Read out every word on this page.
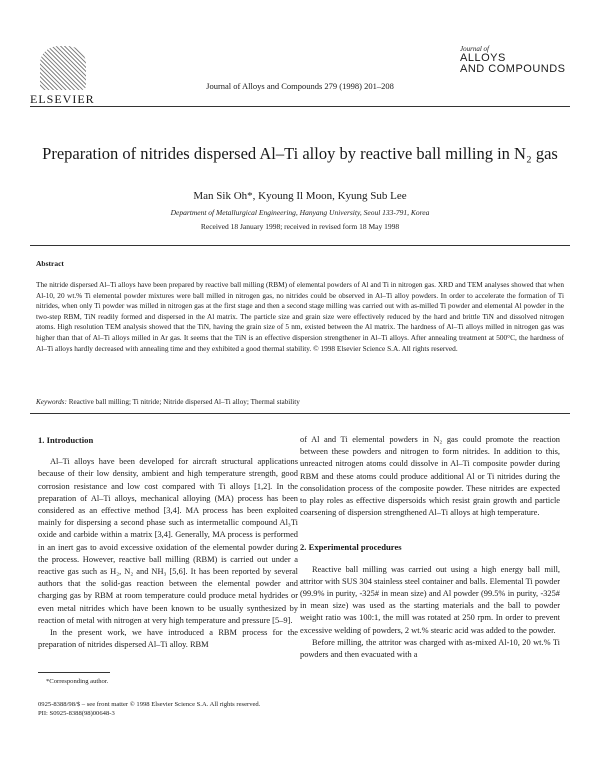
ELSEVIER
Journal of Alloys and Compounds 279 (1998) 201–208
Journal of
ALLOYS
AND COMPOUNDS
Preparation of nitrides dispersed Al–Ti alloy by reactive ball milling in N₂ gas
Man Sik Oh*, Kyoung Il Moon, Kyung Sub Lee
Department of Metallurgical Engineering, Hanyang University, Seoul 133-791, Korea
Received 18 January 1998; received in revised form 18 May 1998
Abstract
The nitride dispersed Al–Ti alloys have been prepared by reactive ball milling (RBM) of elemental powders of Al and Ti in nitrogen gas. XRD and TEM analyses showed that when Al-10, 20 wt.% Ti elemental powder mixtures were ball milled in nitrogen gas, no nitrides could be observed in Al–Ti alloy powders. In order to accelerate the formation of Ti nitrides, when only Ti powder was milled in nitrogen gas at the first stage and then a second stage milling was carried out with as-milled Ti powder and elemental Al powder in the two-step RBM, TiN readily formed and dispersed in the Al matrix. The particle size and grain size were effectively reduced by the hard and brittle TiN and dissolved nitrogen atoms. High resolution TEM analysis showed that the TiN, having the grain size of 5 nm, existed between the Al matrix. The hardness of Al–Ti alloys milled in nitrogen gas was higher than that of Al–Ti alloys milled in Ar gas. It seems that the TiN is an effective dispersion strengthener in Al–Ti alloys. After annealing treatment at 500°C, the hardness of Al–Ti alloys hardly decreased with annealing time and they exhibited a good thermal stability. © 1998 Elsevier Science S.A. All rights reserved.
Keywords: Reactive ball milling; Ti nitride; Nitride dispersed Al–Ti alloy; Thermal stability

1. Introduction

Al–Ti alloys have been developed for aircraft structural applications because of their low density, ambient and high temperature strength, good corrosion resistance and low cost compared with Ti alloys [1,2]. In the preparation of Al–Ti alloys, mechanical alloying (MA) process has been considered as an effective method [3,4]. MA process has been exploited mainly for dispersing a second phase such as intermetallic compound Al₃Ti oxide and carbide within a matrix [3,4]. Generally, MA process is performed in an inert gas to avoid excessive oxidation of the elemental powder during the process. However, reactive ball milling (RBM) is carried out under a reactive gas such as H₂, N₂ and NH₃ [5,6]. It has been reported by several authors that the solid-gas reaction between the elemental powder and charging gas by RBM at room temperature could produce metal hydrides or even metal nitrides which have been known to be usually synthesized by reaction of metal with nitrogen at very high temperature and pressure [5–9].

In the present work, we have introduced a RBM process for the preparation of nitrides dispersed Al–Ti alloy. RBM

of Al and Ti elemental powders in N₂ gas could promote the reaction between these powders and nitrogen to form nitrides. In addition to this, unreacted nitrogen atoms could dissolve in Al–Ti composite powder during RBM and these atoms could produce additional Al or Ti nitrides during the consolidation process of the composite powder. These nitrides are expected to play roles as effective dispersoids which resist grain growth and particle coarsening of dispersion strengthened Al–Ti alloys at high temperature.

2. Experimental procedures

Reactive ball milling was carried out using a high energy ball mill, attritor with SUS 304 stainless steel container and balls. Elemental Ti powder (99.9% in purity, -325# in mean size) and Al powder (99.5% in purity, -325# in mean size) was used as the starting materials and the ball to powder weight ratio was 100:1, the mill was rotated at 250 rpm. In order to prevent excessive welding of powders, 2 wt.% stearic acid was added to the powder.

Before milling, the attritor was charged with as-mixed Al-10, 20 wt.% Ti powders and then evacuated with a

*Corresponding author.
0925-8388/98/$ – see front matter © 1998 Elsevier Science S.A. All rights reserved.
PII: S0925-8388(98)00648-3
